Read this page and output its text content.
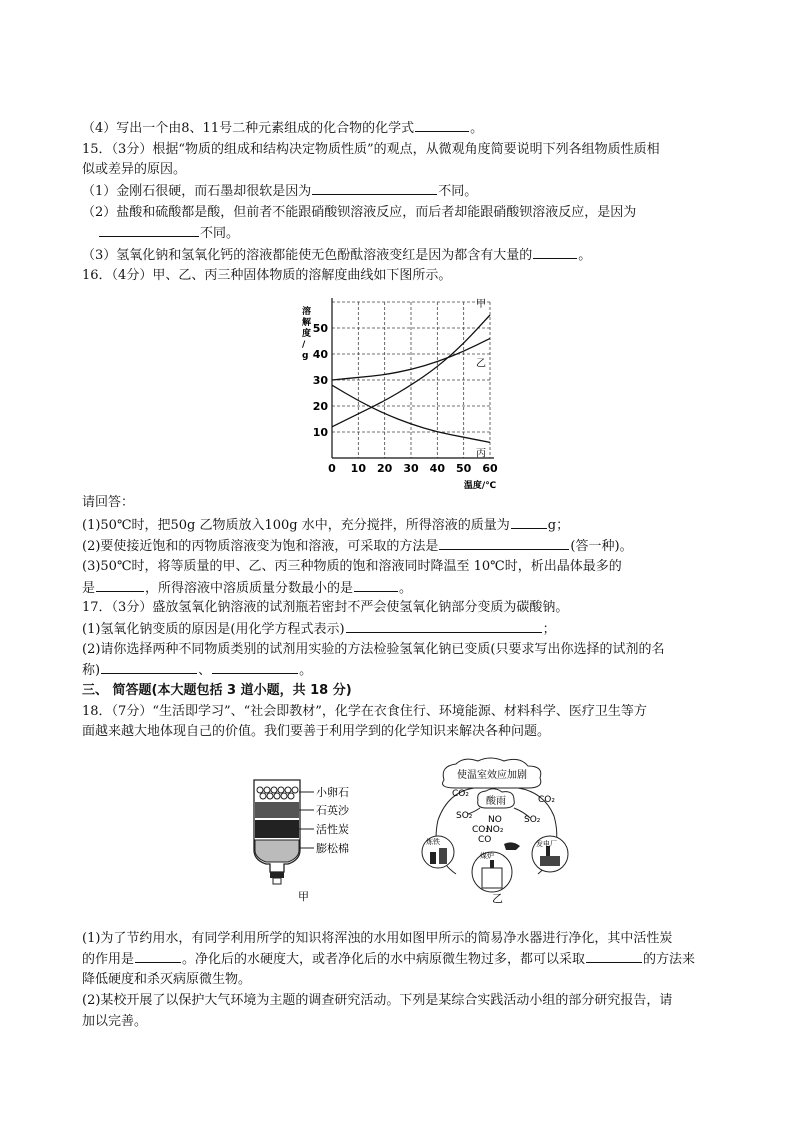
（4）写出一个由8、11号二种元素组成的化合物的化学式	。
15．（3分）根据“物质的组成和结构决定物质性质”的观点，从微观角度简要说明下列各组物质性质相
似或差异的原因。
（1）金刚石很硬，而石墨却很软是因为	不同。
（2）盐酸和硫酸都是酸，但前者不能跟硝酸钡溶液反应，而后者却能跟硝酸钡溶液反应，是因为
不同。
（3）氢氧化钠和氢氧化钙的溶液都能使无色酚酞溶液变红是因为都含有大量的	。
16．（4分）甲、乙、丙三种固体物质的溶解度曲线如下图所示。
0 10 20 30 40 50 60
10
20
30
40
50
溶解度/ g
温度/℃
甲
乙
丙
请回答：
(1)50℃时，把50g 乙物质放入100g 水中，充分搅拌，所得溶液的质量为	g；
(2)要使接近饱和的丙物质溶液变为饱和溶液，可采取的方法是	(答一种)。
(3)50℃时，将等质量的甲、乙、丙三种物质的饱和溶液同时降温至 10℃时，析出晶体最多的
是	，所得溶液中溶质质量分数最小的是	。
17．（3分）盛放氢氧化钠溶液的试剂瓶若密封不严会使氢氧化钠部分变质为碳酸钠。
(1)氢氧化钠变质的原因是(用化学方程式表示)	；
(2)请你选择两种不同物质类别的试剂用实验的方法检验氢氧化钠已变质(只要求写出你选择的试剂的名
称)	、	。
三、 简答题(本大题包括 3 道小题，共 18 分)
18．（7分）“生活即学习”、“社会即教材”，化学在衣食住行、环境能源、材料科学、医疗卫生等方
面越来越大地体现自己的价值。我们要善于利用学到的化学知识来解决各种问题。
小卵石
石英沙
活性炭
膨松棉
甲
使温室效应加剧
酸雨
CO₂
CO₂
SO₂	SO₂
NO
NO₂
CO₂
CO
炼铁
煤炉
发电厂
乙
(1)为了节约用水，有同学利用所学的知识将浑浊的水用如图甲所示的简易净水器进行净化，其中活性炭
的作用是	。净化后的水硬度大，或者净化后的水中病原微生物过多，都可以采取	的方法来
降低硬度和杀灭病原微生物。
(2)某校开展了以保护大气环境为主题的调查研究活动。下列是某综合实践活动小组的部分研究报告，请
加以完善。
